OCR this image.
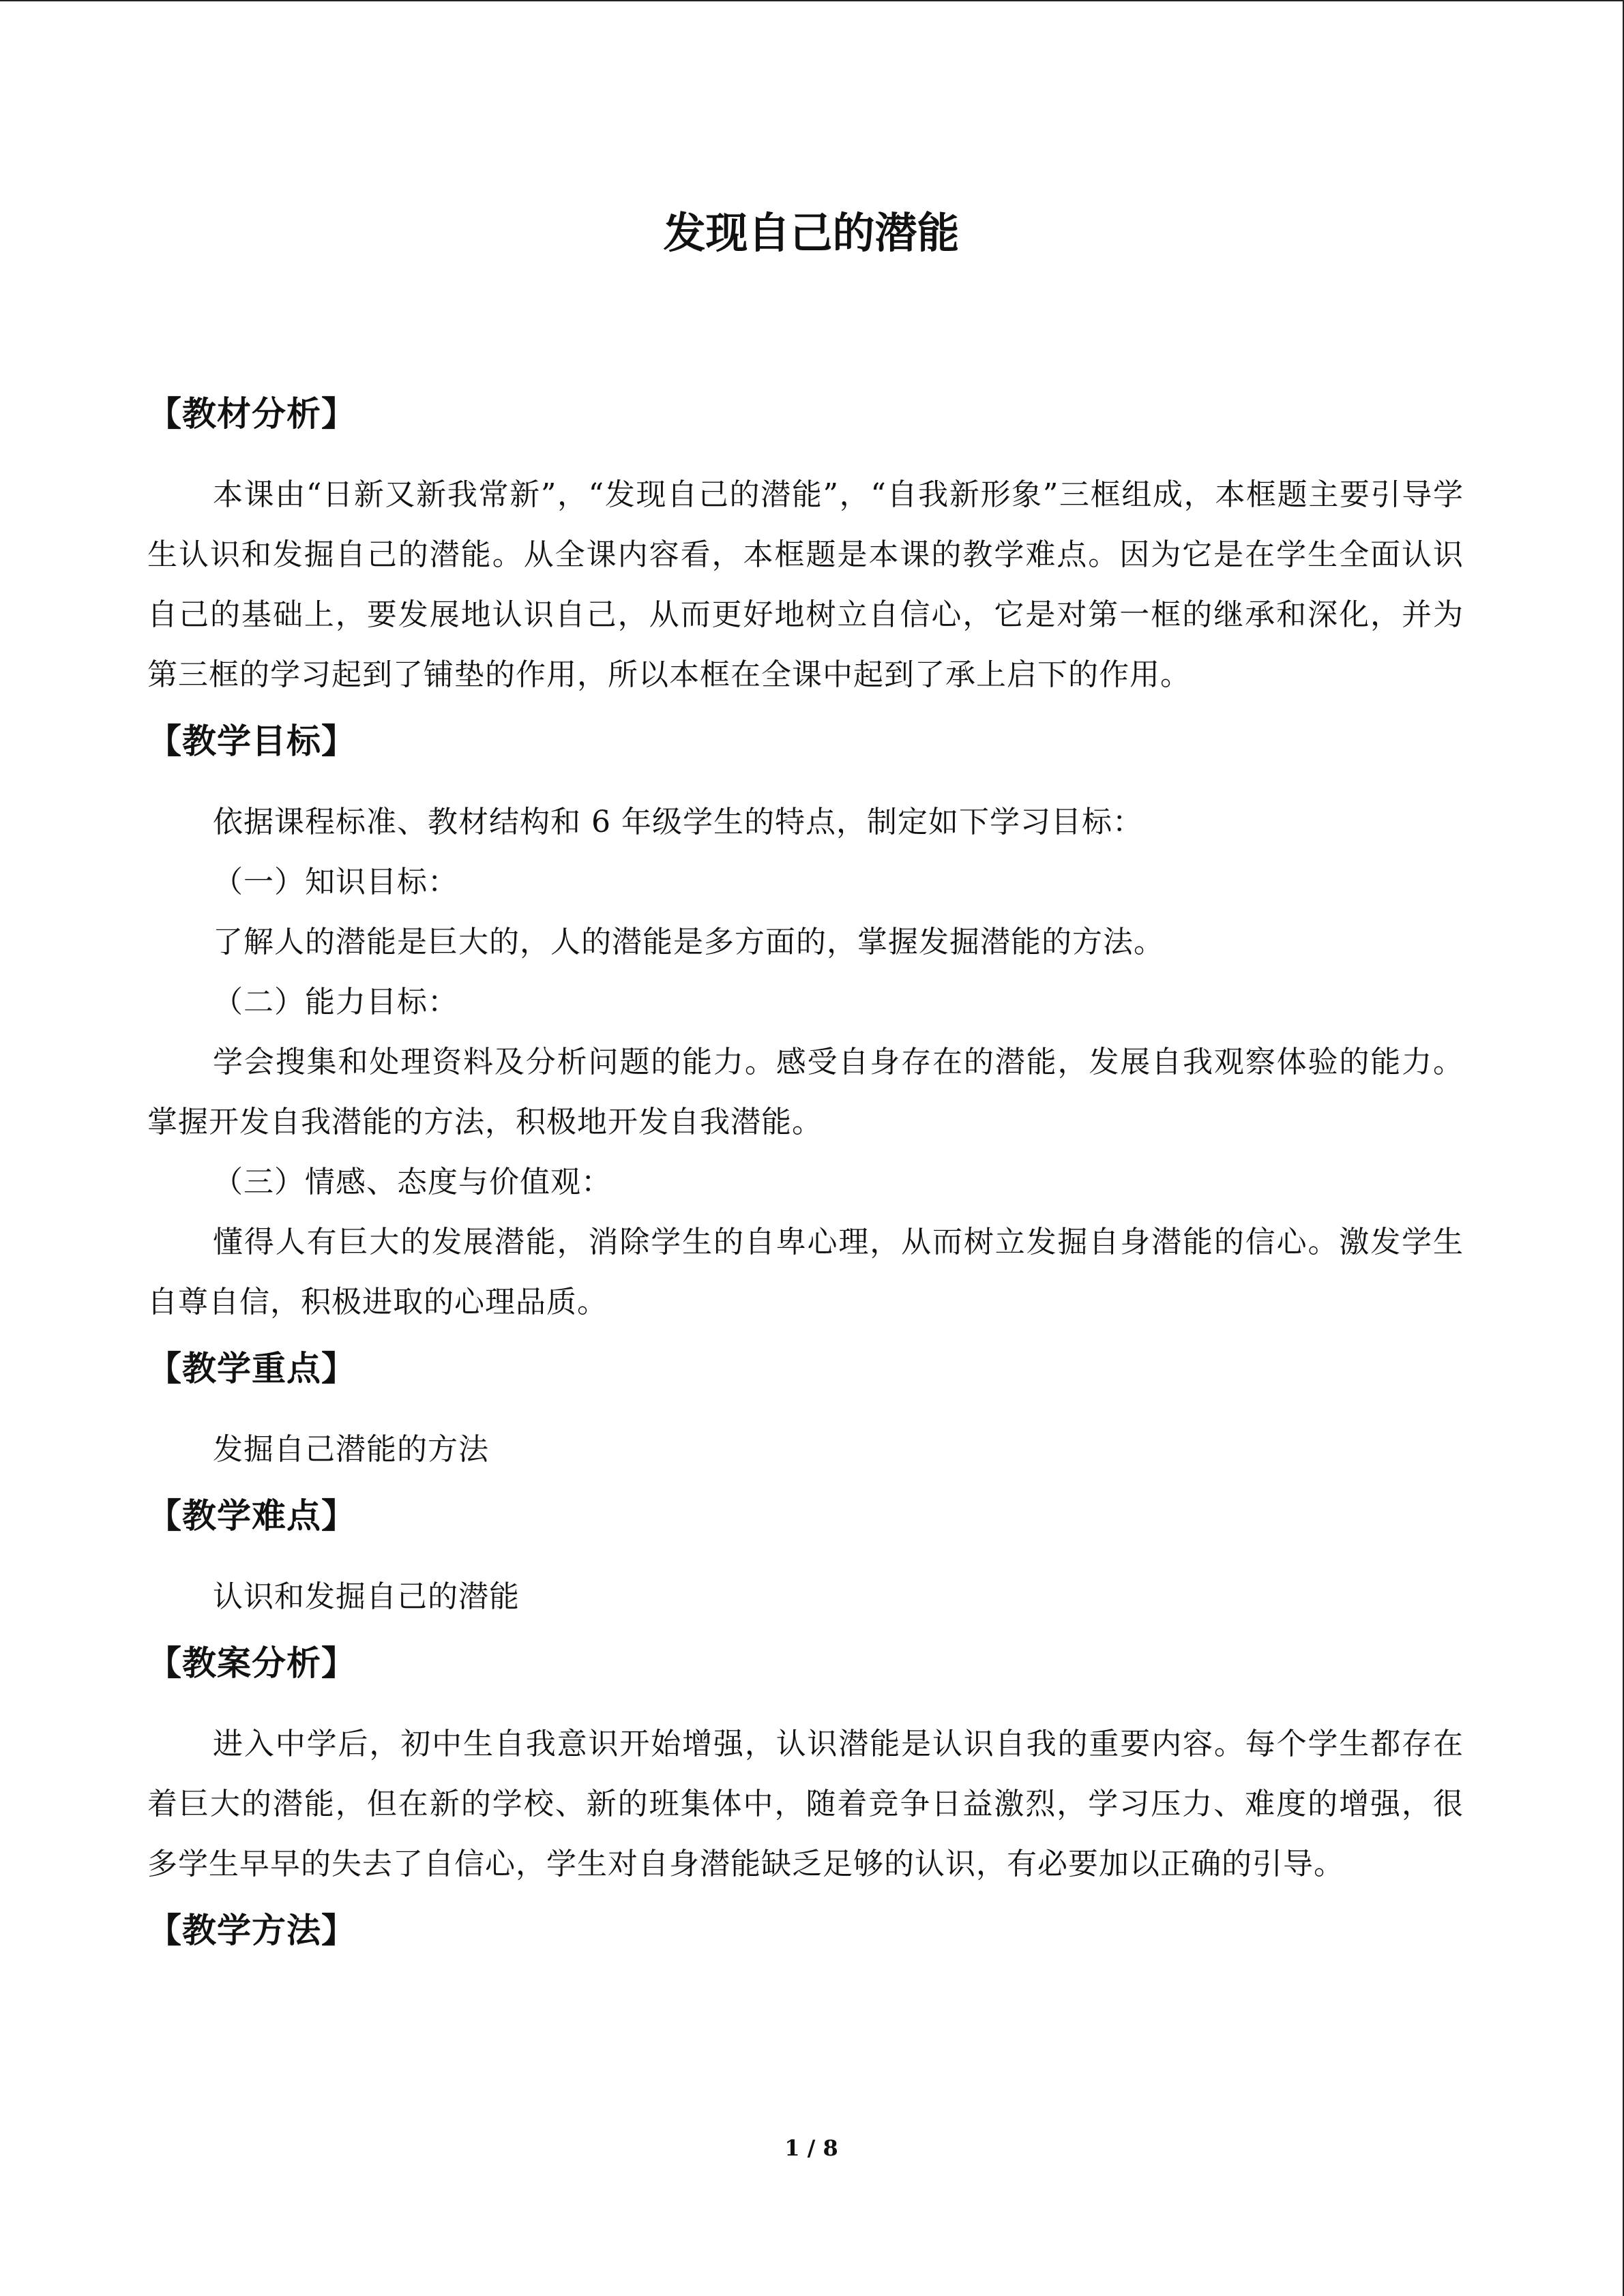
发现自己的潜能
【教材分析】

本课由“日新又新我常新”，“发现自己的潜能”，“自我新形象”三框组成，本框题主要引导学生认识和发掘自己的潜能。从全课内容看，本框题是本课的教学难点。因为它是在学生全面认识自己的基础上，要发展地认识自己，从而更好地树立自信心，它是对第一框的继承和深化，并为第三框的学习起到了铺垫的作用，所以本框在全课中起到了承上启下的作用。

【教学目标】

依据课程标准、教材结构和 6 年级学生的特点，制定如下学习目标：

（一）知识目标：

了解人的潜能是巨大的，人的潜能是多方面的，掌握发掘潜能的方法。

（二）能力目标：

学会搜集和处理资料及分析问题的能力。感受自身存在的潜能，发展自我观察体验的能力。掌握开发自我潜能的方法，积极地开发自我潜能。

（三）情感、态度与价值观：

懂得人有巨大的发展潜能，消除学生的自卑心理，从而树立发掘自身潜能的信心。激发学生自尊自信，积极进取的心理品质。

【教学重点】

发掘自己潜能的方法

【教学难点】

认识和发掘自己的潜能

【教案分析】

进入中学后，初中生自我意识开始增强，认识潜能是认识自我的重要内容。每个学生都存在着巨大的潜能，但在新的学校、新的班集体中，随着竞争日益激烈，学习压力、难度的增强，很多学生早早的失去了自信心，学生对自身潜能缺乏足够的认识，有必要加以正确的引导。

【教学方法】
1 / 8
